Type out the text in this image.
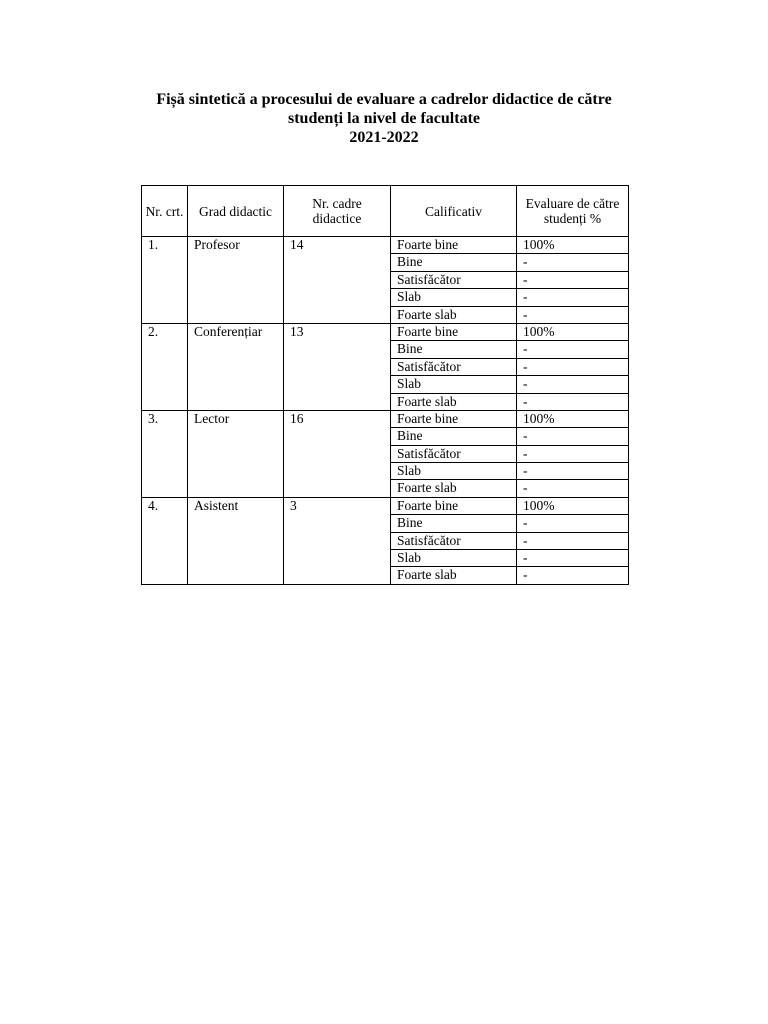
Fișă sintetică a procesului de evaluare a cadrelor didactice de către
studenți la nivel de facultate
2021-2022
Nr. crt.	Grad didactic	Nr. cadre didactice	Calificativ	Evaluare de către studenți %
1.	Profesor	14	Foarte bine	100%
			Bine	-
			Satisfăcător	-
			Slab	-
			Foarte slab	-
2.	Conferențiar	13	Foarte bine	100%
			Bine	-
			Satisfăcător	-
			Slab	-
			Foarte slab	-
3.	Lector	16	Foarte bine	100%
			Bine	-
			Satisfăcător	-
			Slab	-
			Foarte slab	-
4.	Asistent	3	Foarte bine	100%
			Bine	-
			Satisfăcător	-
			Slab	-
			Foarte slab	-
